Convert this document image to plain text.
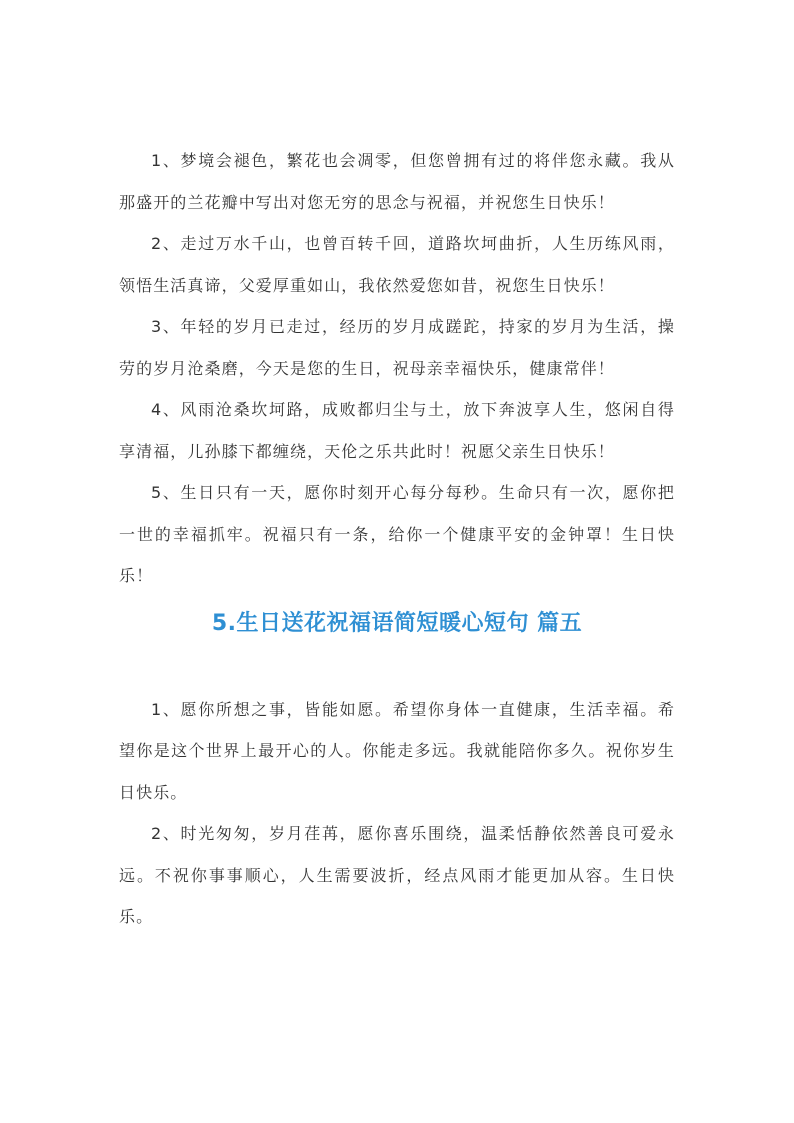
1、梦境会褪色，繁花也会凋零，但您曾拥有过的将伴您永藏。我从那盛开的兰花瓣中写出对您无穷的思念与祝福，并祝您生日快乐！

2、走过万水千山，也曾百转千回，道路坎坷曲折，人生历练风雨，领悟生活真谛，父爱厚重如山，我依然爱您如昔，祝您生日快乐！

3、年轻的岁月已走过，经历的岁月成蹉跎，持家的岁月为生活，操劳的岁月沧桑磨，今天是您的生日，祝母亲幸福快乐，健康常伴！

4、风雨沧桑坎坷路，成败都归尘与土，放下奔波享人生，悠闲自得享清福，儿孙膝下都缠绕，天伦之乐共此时！祝愿父亲生日快乐！

5、生日只有一天，愿你时刻开心每分每秒。生命只有一次，愿你把一世的幸福抓牢。祝福只有一条，给你一个健康平安的金钟罩！生日快乐！

5.生日送花祝福语简短暖心短句 篇五

1、愿你所想之事，皆能如愿。希望你身体一直健康，生活幸福。希望你是这个世界上最开心的人。你能走多远。我就能陪你多久。祝你岁生日快乐。

2、时光匆匆，岁月荏苒，愿你喜乐围绕，温柔恬静依然善良可爱永远。不祝你事事顺心，人生需要波折，经点风雨才能更加从容。生日快乐。
